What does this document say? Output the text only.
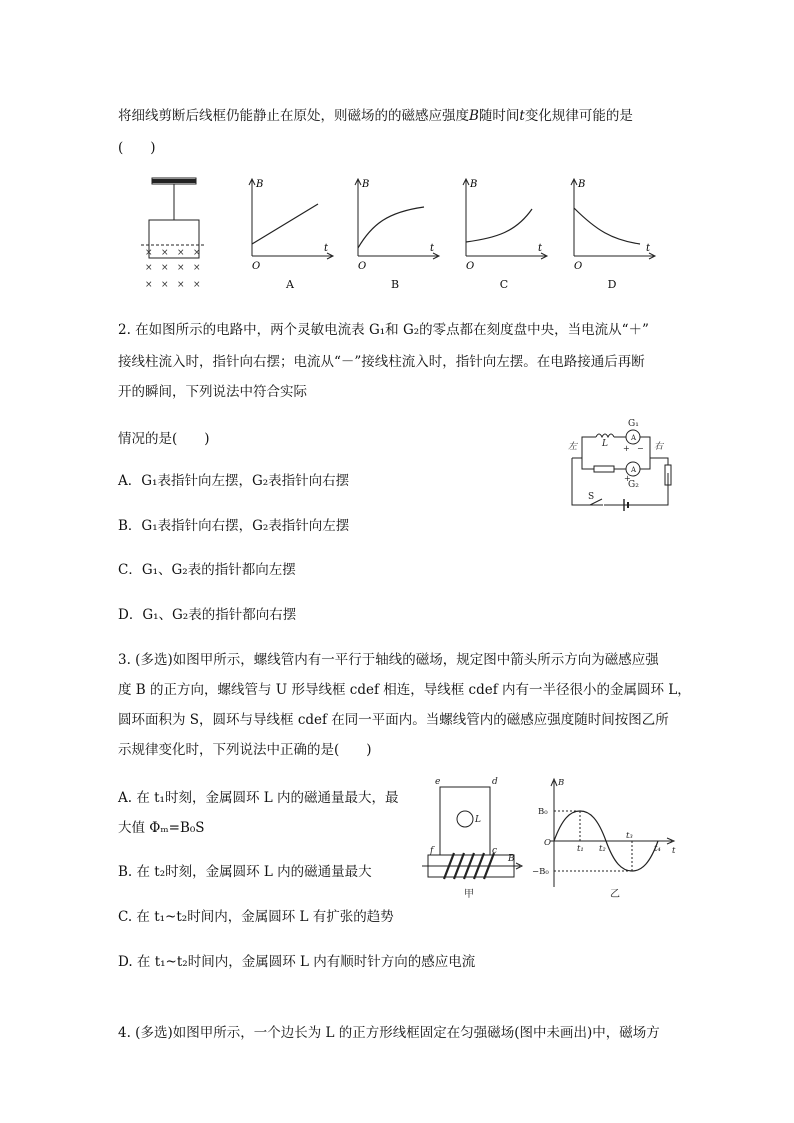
将细线剪断后线框仍能静止在原处，则磁场的的磁感应强度B随时间t变化规律可能的是
(　　)
× × × ×
× × × ×
× × × ×
B
t
O
B
t
O
B
t
O
B
t
O
A	B	C	D
2. 在如图所示的电路中，两个灵敏电流表 G₁和 G₂的零点都在刻度盘中央，当电流从“＋”
接线柱流入时，指针向右摆；电流从“－”接线柱流入时，指针向左摆。在电路接通后再断
开的瞬间，下列说法中符合实际
情况的是(　　)
A．G₁表指针向左摆，G₂表指针向右摆
B．G₁表指针向右摆，G₂表指针向左摆
C．G₁、G₂表的指针都向左摆
D．G₁、G₂表的指针都向右摆
左	右
L
G₁
G₂
+ −
+
S
A
A
3. (多选)如图甲所示，螺线管内有一平行于轴线的磁场，规定图中箭头所示方向为磁感应强
度 B 的正方向，螺线管与 U 形导线框 cdef 相连，导线框 cdef 内有一半径很小的金属圆环 L，
圆环面积为 S，圆环与导线框 cdef 在同一平面内。当螺线管内的磁感应强度随时间按图乙所
示规律变化时，下列说法中正确的是(　　)
A. 在 t₁时刻，金属圆环 L 内的磁通量最大，最
大值 Φₘ=B₀S
B. 在 t₂时刻，金属圆环 L 内的磁通量最大
C. 在 t₁~t₂时间内，金属圆环 L 有扩张的趋势
D. 在 t₁~t₂时间内，金属圆环 L 内有顺时针方向的感应电流
e	d
f	c
L
B
甲
B
B₀
−B₀
O
t
t₁ t₂
t₃
t₄
乙
4. (多选)如图甲所示，一个边长为 L 的正方形线框固定在匀强磁场(图中未画出)中，磁场方
